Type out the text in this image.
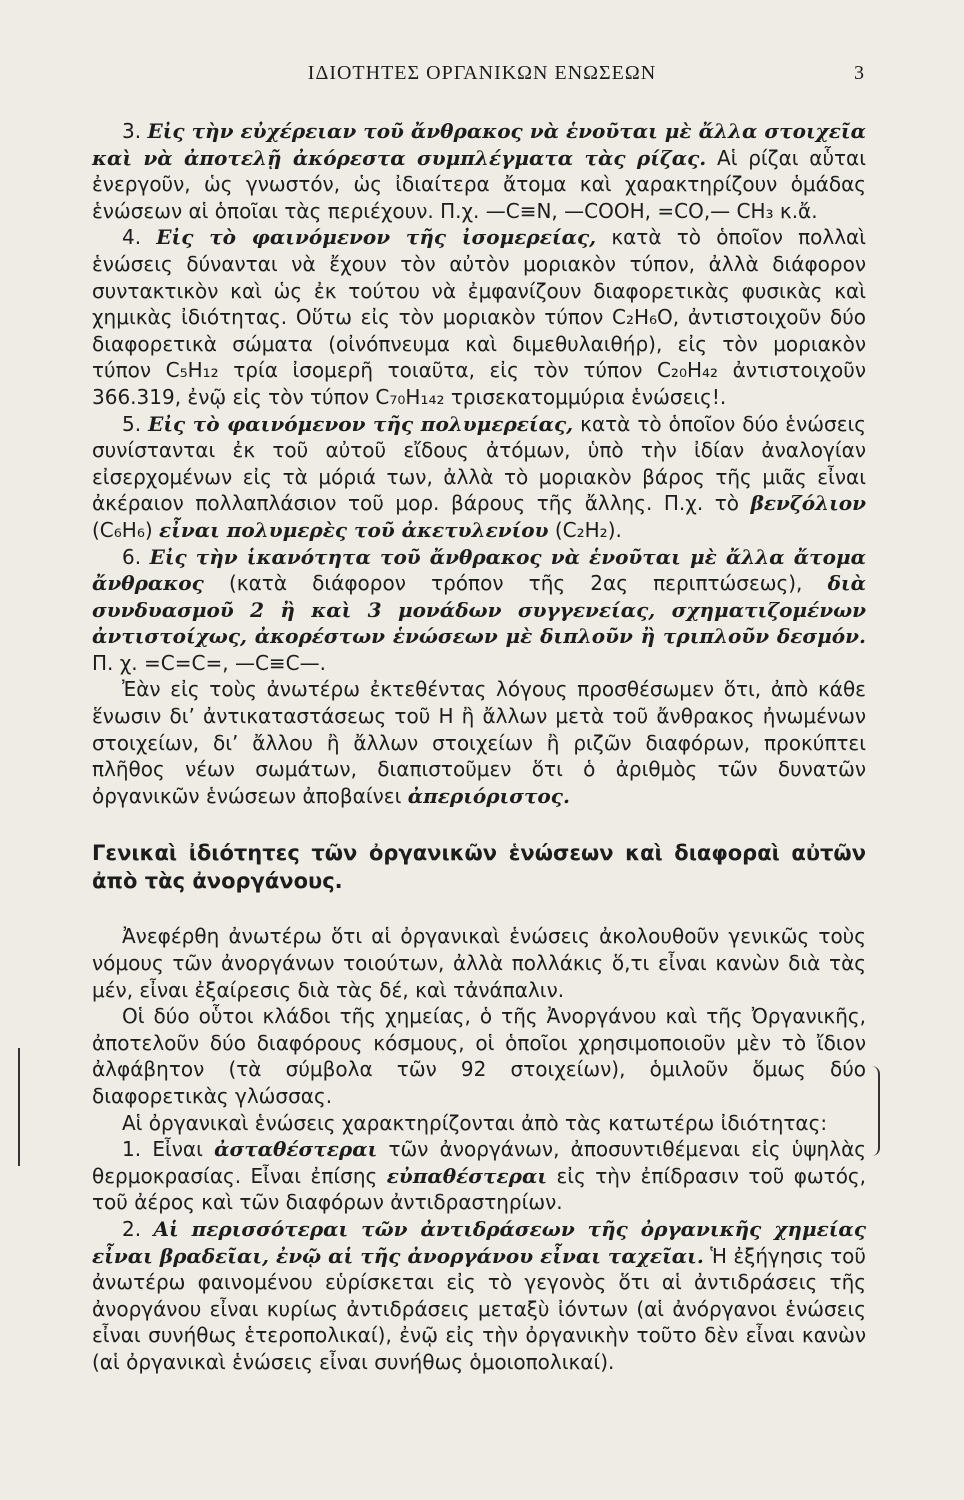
ΙΔΙΟΤΗΤΕΣ ΟΡΓΑΝΙΚΩΝ ΕΝΩΣΕΩΝ	3

3. Εἰς τὴν εὐχέρειαν τοῦ ἄνθρακος νὰ ἑνοῦται μὲ ἄλλα στοιχεῖα καὶ νὰ ἀποτελῇ ἀκόρεστα συμπλέγματα τὰς ρίζας. Αἱ ρίζαι αὗται ἐνεργοῦν, ὡς γνωστόν, ὡς ἰδιαίτερα ἄτομα καὶ χαρακτηρίζουν ὁμάδας ἑνώσεων αἱ ὁποῖαι τὰς περιέχουν. Π.χ. —C≡N, —COOH, =CO,— CH₃ κ.ἄ.

4. Εἰς τὸ φαινόμενον τῆς ἰσομερείας, κατὰ τὸ ὁποῖον πολλαὶ ἑνώσεις δύνανται νὰ ἔχουν τὸν αὐτὸν μοριακὸν τύπον, ἀλλὰ διάφορον συντακτικὸν καὶ ὡς ἐκ τούτου νὰ ἐμφανίζουν διαφορετικὰς φυσικὰς καὶ χημικὰς ἰδιότητας. Οὕτω εἰς τὸν μοριακὸν τύπον C₂H₆O, ἀντιστοιχοῦν δύο διαφορετικὰ σώματα (οἰνόπνευμα καὶ διμεθυλαιθήρ), εἰς τὸν μοριακὸν τύπον C₅H₁₂ τρία ἰσομερῆ τοιαῦτα, εἰς τὸν τύπον C₂₀H₄₂ ἀντιστοιχοῦν 366.319, ἐνῷ εἰς τὸν τύπον C₇₀H₁₄₂ τρισεκατομμύρια ἑνώσεις!.

5. Εἰς τὸ φαινόμενον τῆς πολυμερείας, κατὰ τὸ ὁποῖον δύο ἑνώσεις συνίστανται ἐκ τοῦ αὐτοῦ εἴδους ἀτόμων, ὑπὸ τὴν ἰδίαν ἀναλογίαν εἰσερχομένων εἰς τὰ μόριά των, ἀλλὰ τὸ μοριακὸν βάρος τῆς μιᾶς εἶναι ἀκέραιον πολλαπλάσιον τοῦ μορ. βάρους τῆς ἄλλης. Π.χ. τὸ βενζόλιον (C₆H₆) εἶναι πολυμερὲς τοῦ ἀκετυλενίου (C₂H₂).

6. Εἰς τὴν ἱκανότητα τοῦ ἄνθρακος νὰ ἑνοῦται μὲ ἄλλα ἄτομα ἄνθρακος (κατὰ διάφορον τρόπον τῆς 2ας περιπτώσεως), διὰ συνδυασμοῦ 2 ἢ καὶ 3 μονάδων συγγενείας, σχηματιζομένων ἀντιστοίχως, ἀκορέστων ἑνώσεων μὲ διπλοῦν ἢ τριπλοῦν δεσμόν. Π. χ. =C=C=, —C≡C—.

Ἐὰν εἰς τοὺς ἀνωτέρω ἐκτεθέντας λόγους προσθέσωμεν ὅτι, ἀπὸ κάθε ἕνωσιν δι’ ἀντικαταστάσεως τοῦ H ἢ ἄλλων μετὰ τοῦ ἄνθρακος ἠνωμένων στοιχείων, δι’ ἄλλου ἢ ἄλλων στοιχείων ἢ ριζῶν διαφόρων, προκύπτει πλῆθος νέων σωμάτων, διαπιστοῦμεν ὅτι ὁ ἀριθμὸς τῶν δυνατῶν ὀργανικῶν ἑνώσεων ἀποβαίνει ἀπεριόριστος.

Γενικαὶ ἰδιότητες τῶν ὀργανικῶν ἑνώσεων καὶ διαφοραὶ αὐτῶν ἀπὸ τὰς ἀνοργάνους.

Ἀνεφέρθη ἀνωτέρω ὅτι αἱ ὀργανικαὶ ἑνώσεις ἀκολουθοῦν γενικῶς τοὺς νόμους τῶν ἀνοργάνων τοιούτων, ἀλλὰ πολλάκις ὅ,τι εἶναι κανὼν διὰ τὰς μέν, εἶναι ἐξαίρεσις διὰ τὰς δέ, καὶ τἀνάπαλιν.

Οἱ δύο οὗτοι κλάδοι τῆς χημείας, ὁ τῆς Ἀνοργάνου καὶ τῆς Ὀργανικῆς, ἀποτελοῦν δύο διαφόρους κόσμους, οἱ ὁποῖοι χρησιμοποιοῦν μὲν τὸ ἴδιον ἀλφάβητον (τὰ σύμβολα τῶν 92 στοιχείων), ὁμιλοῦν ὅμως δύο διαφορετικὰς γλώσσας.

Αἱ ὀργανικαὶ ἑνώσεις χαρακτηρίζονται ἀπὸ τὰς κατωτέρω ἰδιότητας:

1. Εἶναι ἀσταθέστεραι τῶν ἀνοργάνων, ἀποσυντιθέμεναι εἰς ὑψηλὰς θερμοκρασίας. Εἶναι ἐπίσης εὐπαθέστεραι εἰς τὴν ἐπίδρασιν τοῦ φωτός, τοῦ ἀέρος καὶ τῶν διαφόρων ἀντιδραστηρίων.

2. Αἱ περισσότεραι τῶν ἀντιδράσεων τῆς ὀργανικῆς χημείας εἶναι βραδεῖαι, ἐνῷ αἱ τῆς ἀνοργάνου εἶναι ταχεῖαι. Ἡ ἐξήγησις τοῦ ἀνωτέρω φαινομένου εὑρίσκεται εἰς τὸ γεγονὸς ὅτι αἱ ἀντιδράσεις τῆς ἀνοργάνου εἶναι κυρίως ἀντιδράσεις μεταξὺ ἰόντων (αἱ ἀνόργανοι ἑνώσεις εἶναι συνήθως ἑτεροπολικαί), ἐνῷ εἰς τὴν ὀργανικὴν τοῦτο δὲν εἶναι κανὼν (αἱ ὀργανικαὶ ἑνώσεις εἶναι συνήθως ὁμοιοπολικαί).
